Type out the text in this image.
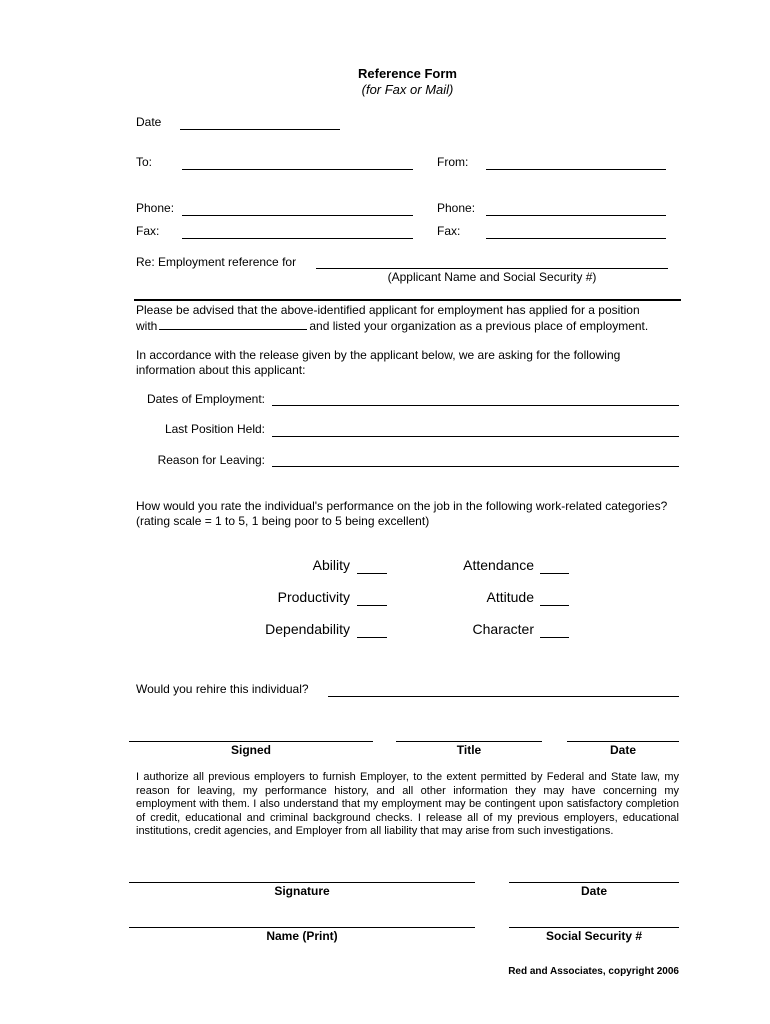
Reference Form
(for Fax or Mail)
Date
To:	From:
Phone:	Phone:
Fax:	Fax:
Re: Employment reference for
(Applicant Name and Social Security #)
Please be advised that the above-identified applicant for employment has applied for a position
with	and listed your organization as a previous place of employment.
In accordance with the release given by the applicant below, we are asking for the following information about this applicant:
Dates of Employment:
Last Position Held:
Reason for Leaving:
How would you rate the individual's performance on the job in the following work-related categories? (rating scale = 1 to 5, 1 being poor to 5 being excellent)
Ability	Attendance
Productivity	Attitude
Dependability	Character
Would you rehire this individual?
Signed	Title	Date
I authorize all previous employers to furnish Employer, to the extent permitted by Federal and State law, my reason for leaving, my performance history, and all other information they may have concerning my employment with them. I also understand that my employment may be contingent upon satisfactory completion of credit, educational and criminal background checks. I release all of my previous employers, educational institutions, credit agencies, and Employer from all liability that may arise from such investigations.
Signature	Date
Name (Print)	Social Security #
Red and Associates, copyright 2006
